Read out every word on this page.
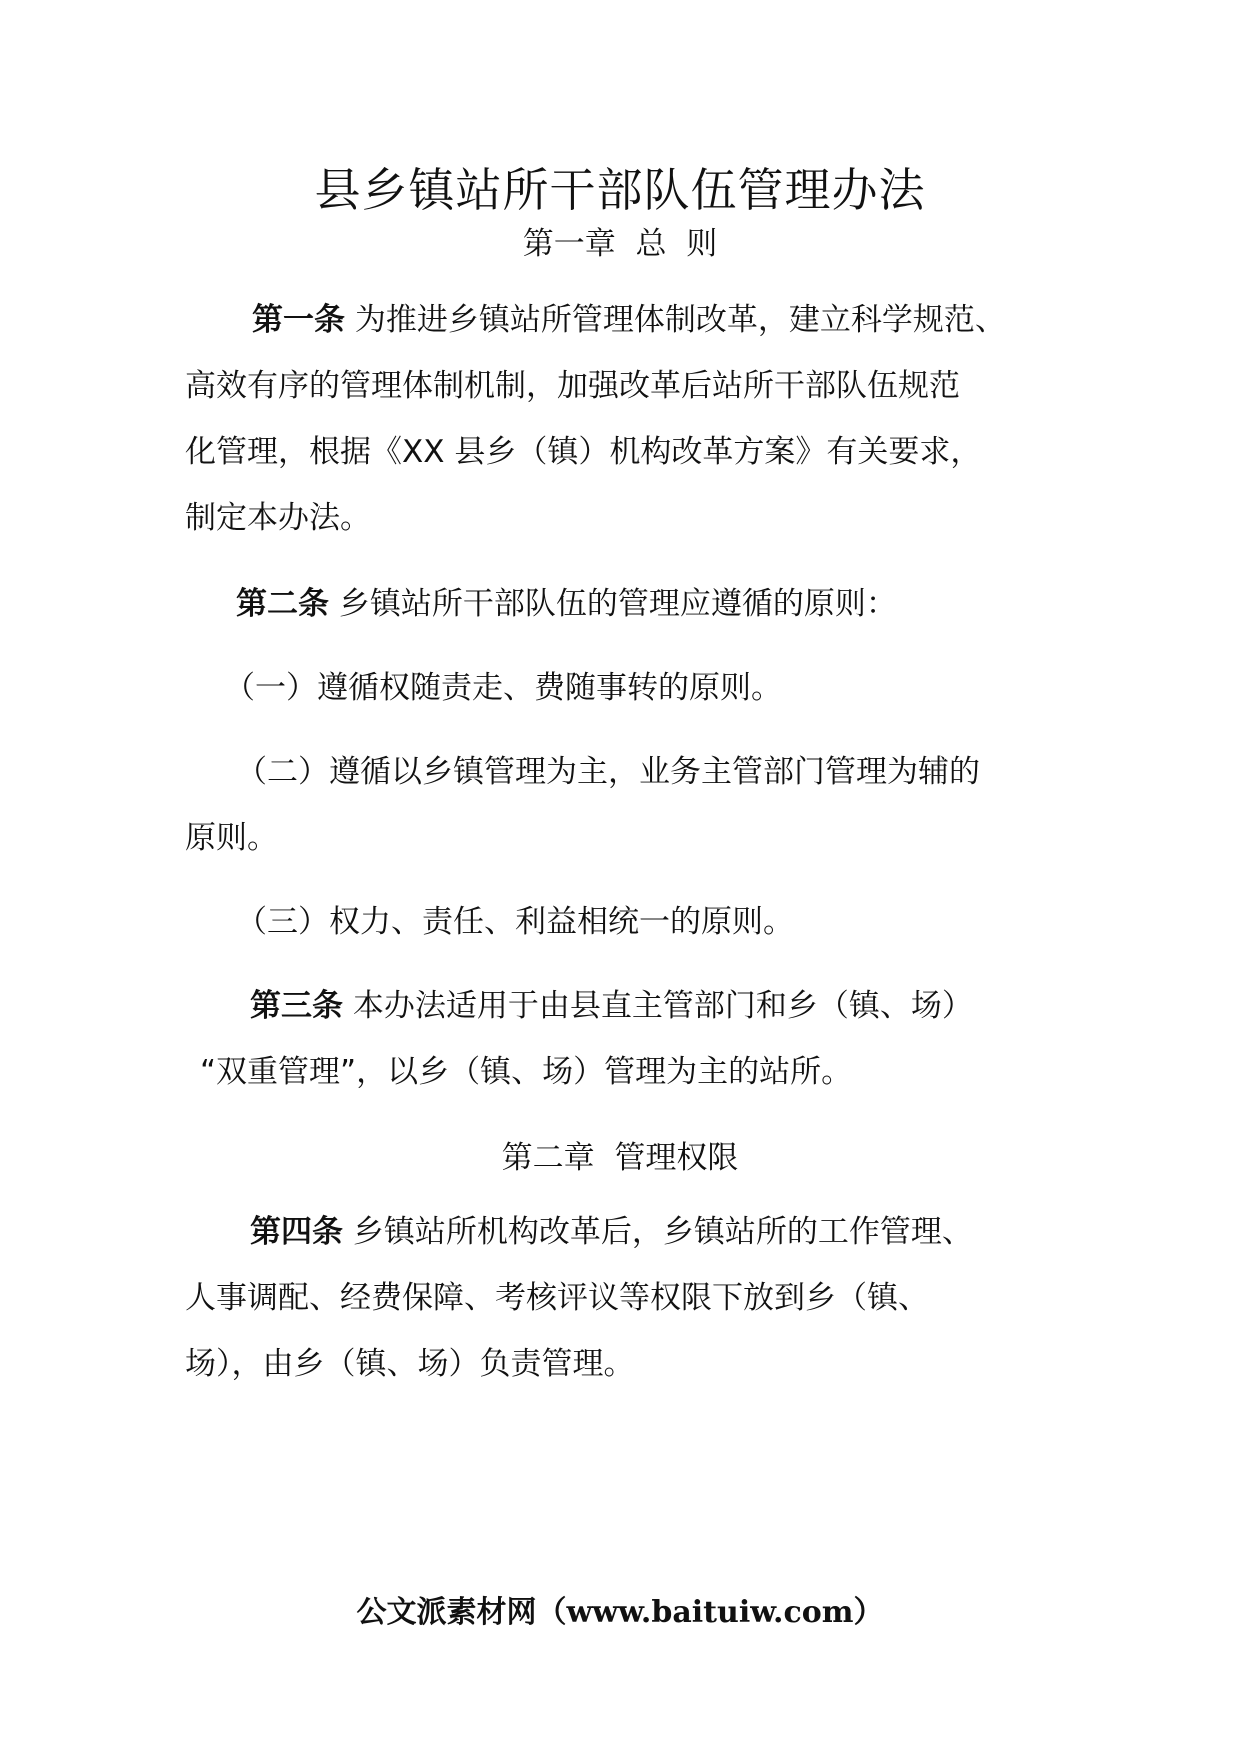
县乡镇站所干部队伍管理办法
第一章  总  则
第一条 为推进乡镇站所管理体制改革，建立科学规范、
高效有序的管理体制机制，加强改革后站所干部队伍规范
化管理，根据《XX 县乡（镇）机构改革方案》有关要求，
制定本办法。
第二条 乡镇站所干部队伍的管理应遵循的原则：
（一）遵循权随责走、费随事转的原则。
（二）遵循以乡镇管理为主，业务主管部门管理为辅的
原则。
（三）权力、责任、利益相统一的原则。
第三条 本办法适用于由县直主管部门和乡（镇、场）
“双重管理”，以乡（镇、场）管理为主的站所。
第二章  管理权限
第四条 乡镇站所机构改革后，乡镇站所的工作管理、
人事调配、经费保障、考核评议等权限下放到乡（镇、
场），由乡（镇、场）负责管理。
公文派素材网（www.baituiw.com）
